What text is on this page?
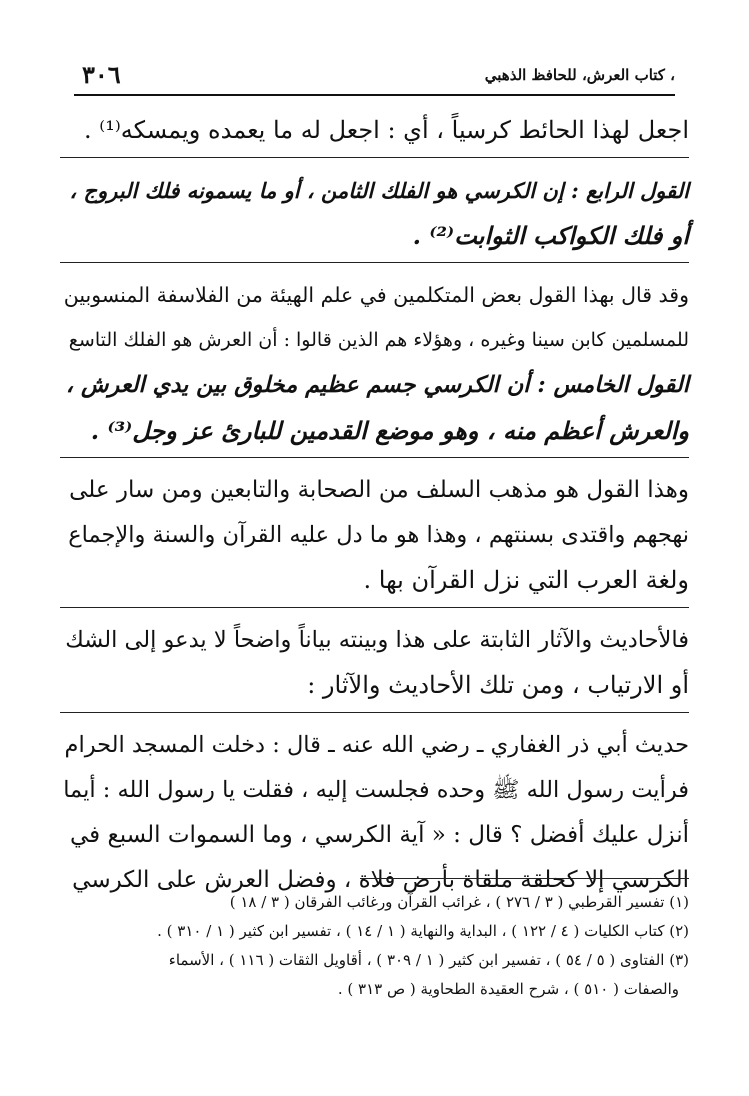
٣٠٦	، كتاب العرش، للحافظ الذهبي
اجعل لهذا الحائط كرسياً ، أي : اجعل له ما يعمده ويمسكه⁽¹⁾ .
القول الرابع : إن الكرسي هو الفلك الثامن ، أو ما يسمونه فلك البروج ،
أو فلك الكواكب الثوابت⁽²⁾ .
وقد قال بهذا القول بعض المتكلمين في علم الهيئة من الفلاسفة المنسوبين
للمسلمين كابن سينا وغيره ، وهؤلاء هم الذين قالوا : أن العرش هو الفلك التاسع
القول الخامس : أن الكرسي جسم عظيم مخلوق بين يدي العرش ،
والعرش أعظم منه ، وهو موضع القدمين للبارئ عز وجل⁽³⁾ .
وهذا القول هو مذهب السلف من الصحابة والتابعين ومن سار على
نهجهم واقتدى بسنتهم ، وهذا هو ما دل عليه القرآن والسنة والإجماع
ولغة العرب التي نزل القرآن بها .
فالأحاديث والآثار الثابتة على هذا وبينته بياناً واضحاً لا يدعو إلى الشك
أو الارتياب ، ومن تلك الأحاديث والآثار :
حديث أبي ذر الغفاري ـ رضي الله عنه ـ قال : دخلت المسجد الحرام
فرأيت رسول الله ﷺ وحده فجلست إليه ، فقلت يا رسول الله : أيما
أنزل عليك أفضل ؟ قال : « آية الكرسي ، وما السموات السبع في
الكرسي إلا كحلقة ملقاة بأرض فلاة ، وفضل العرش على الكرسي
(١) تفسير القرطبي ( ٣ / ٢٧٦ ) ، غرائب القرآن ورغائب الفرقان ( ٣ / ١٨ )
(٢) كتاب الكليات ( ٤ / ١٢٢ ) ، البداية والنهاية ( ١ / ١٤ ) ، تفسير ابن كثير ( ١ / ٣١٠ ) .
(٣) الفتاوى ( ٥ / ٥٤ ) ، تفسير ابن كثير ( ١ / ٣٠٩ ) ، أقاويل الثقات ( ١١٦ ) ، الأسماء
والصفات ( ٥١٠ ) ، شرح العقيدة الطحاوية ( ص ٣١٣ ) .
